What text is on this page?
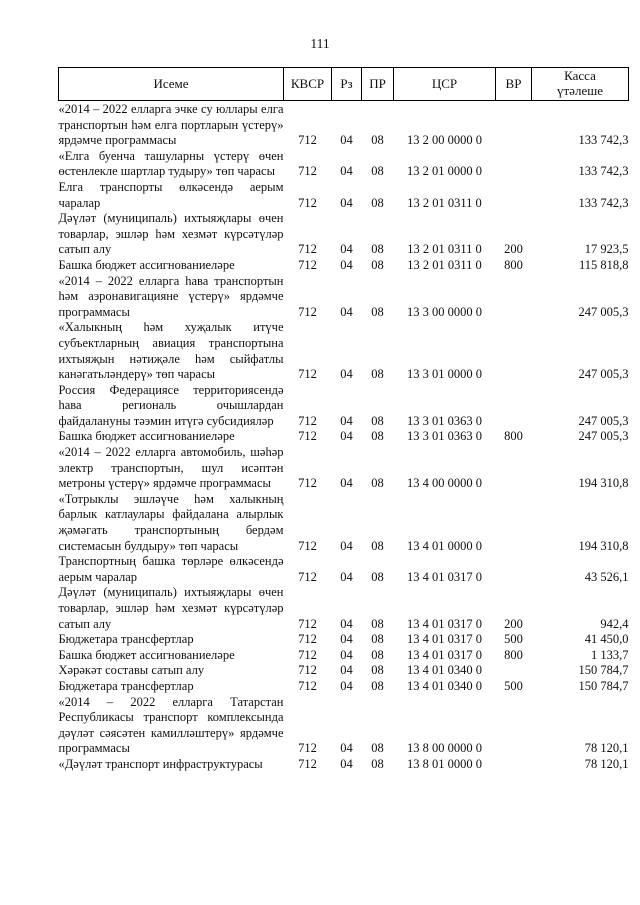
111
Исеме	КВСР	Рз	ПР	ЦСР	ВР	Касса
үтәлеше
«2014 – 2022 елларга эчке су юллары елга транспортын һәм елга портларын үстерү» ярдәмче программасы	712	04	08	13 2 00 0000 0		133 742,3
«Елга буенча ташуларны үстерү өчен өстенлекле шартлар тудыру» төп чарасы	712	04	08	13 2 01 0000 0		133 742,3
Елга транспорты өлкәсендә аерым чаралар	712	04	08	13 2 01 0311 0		133 742,3
Дәүләт (муниципаль) ихтыяҗлары өчен товарлар, эшләр һәм хезмәт күрсәтүләр сатып алу	712	04	08	13 2 01 0311 0	200	17 923,5
Башка бюджет ассигнованиеләре	712	04	08	13 2 01 0311 0	800	115 818,8
«2014 – 2022 елларга һава транспортын һәм аэронавигацияне үстерү» ярдәмче программасы	712	04	08	13 3 00 0000 0		247 005,3
«Халыкның һәм хуҗалык итүче субъектларның авиация транспортына ихтыяҗын нәтиҗәле һәм сыйфатлы канәгатьләндерү» төп чарасы	712	04	08	13 3 01 0000 0		247 005,3
Россия Федерациясе территориясендә һава региональ очышлардан файдалануны тәэмин итүгә субсидияләр	712	04	08	13 3 01 0363 0		247 005,3
Башка бюджет ассигнованиеләре	712	04	08	13 3 01 0363 0	800	247 005,3
«2014 – 2022 елларга автомобиль, шәһәр электр транспортын, шул исәптән метроны үстерү» ярдәмче программасы	712	04	08	13 4 00 0000 0		194 310,8
«Тотрыклы эшләүче һәм халыкның барлык катлаулары файдалана алырлык җәмәгать транспортының бердәм системасын булдыру» төп чарасы	712	04	08	13 4 01 0000 0		194 310,8
Транспортның башка төрләре өлкәсендә аерым чаралар	712	04	08	13 4 01 0317 0		43 526,1
Дәүләт (муниципаль) ихтыяҗлары өчен товарлар, эшләр һәм хезмәт күрсәтүләр сатып алу	712	04	08	13 4 01 0317 0	200	942,4
Бюджетара трансфертлар	712	04	08	13 4 01 0317 0	500	41 450,0
Башка бюджет ассигнованиеләре	712	04	08	13 4 01 0317 0	800	1 133,7
Хәрәкәт составы сатып алу	712	04	08	13 4 01 0340 0		150 784,7
Бюджетара трансфертлар	712	04	08	13 4 01 0340 0	500	150 784,7
«2014 – 2022 елларга Татарстан Республикасы транспорт комплексында дәүләт сәясәтен камилләштерү» ярдәмче программасы	712	04	08	13 8 00 0000 0		78 120,1
«Дәүләт транспорт инфраструктурасы	712	04	08	13 8 01 0000 0		78 120,1
